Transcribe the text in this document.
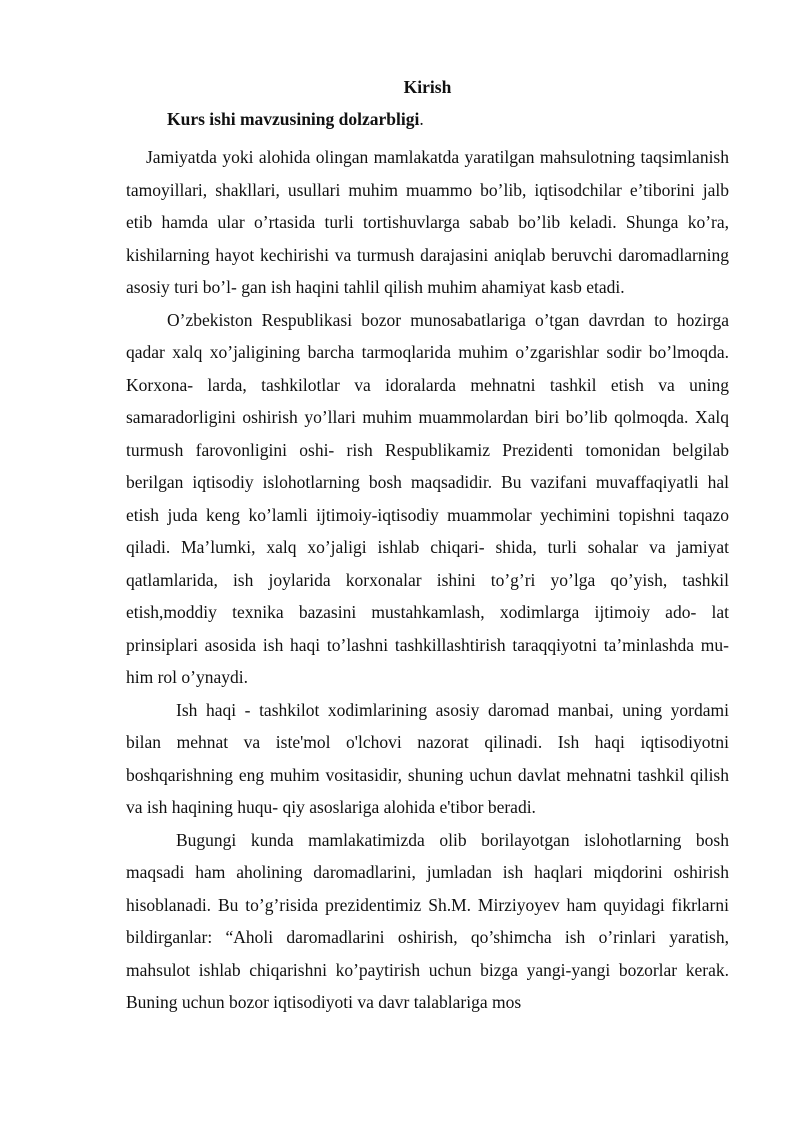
Kirish
Kurs ishi mavzusining dolzarbligi.

Jamiyatda yoki alohida olingan mamlakatda yaratilgan mahsulotning taqsimlanish tamoyillari, shakllari, usullari muhim muammo bo’lib, iqtisodchilar e’tiborini jalb etib hamda ular o’rtasida turli tortishuvlarga sabab bo’lib keladi. Shunga ko’ra, kishilarning hayot kechirishi va turmush darajasini aniqlab beruvchi daromadlarning asosiy turi bo’l- gan ish haqini tahlil qilish muhim ahamiyat kasb etadi.

O’zbekiston Respublikasi bozor munosabatlariga o’tgan davrdan to hozirga qadar xalq xo’jaligining barcha tarmoqlarida muhim o’zgarishlar sodir bo’lmoqda. Korxona- larda, tashkilotlar va idoralarda mehnatni tashkil etish va uning samaradorligini oshirish yo’llari muhim muammolardan biri bo’lib qolmoqda. Xalq turmush farovonligini oshi- rish Respublikamiz Prezidenti tomonidan belgilab berilgan iqtisodiy islohotlarning bosh maqsadidir. Bu vazifani muvaffaqiyatli hal etish juda keng ko’lamli ijtimoiy-iqtisodiy muammolar yechimini topishni taqazo qiladi. Ma’lumki, xalq xo’jaligi ishlab chiqari- shida, turli sohalar va jamiyat qatlamlarida, ish joylarida korxonalar ishini to’g’ri yo’lga qo’yish, tashkil etish,moddiy texnika bazasini mustahkamlash, xodimlarga ijtimoiy ado- lat prinsiplari asosida ish haqi to’lashni tashkillashtirish taraqqiyotni ta’minlashda mu- him rol o’ynaydi.

Ish haqi - tashkilot xodimlarining asosiy daromad manbai, uning yordami bilan mehnat va iste'mol o'lchovi nazorat qilinadi. Ish haqi iqtisodiyotni boshqarishning eng muhim vositasidir, shuning uchun davlat mehnatni tashkil qilish va ish haqining huqu- qiy asoslariga alohida e'tibor beradi.

Bugungi kunda mamlakatimizda olib borilayotgan islohotlarning bosh maqsadi ham aholining daromadlarini, jumladan ish haqlari miqdorini oshirish hisoblanadi. Bu to’g’risida prezidentimiz Sh.M. Mirziyoyev ham quyidagi fikrlarni bildirganlar: “Aholi daromadlarini oshirish, qo’shimcha ish o’rinlari yaratish, mahsulot ishlab chiqarishni ko’paytirish uchun bizga yangi-yangi bozorlar kerak. Buning uchun bozor iqtisodiyoti va davr talablariga mos
